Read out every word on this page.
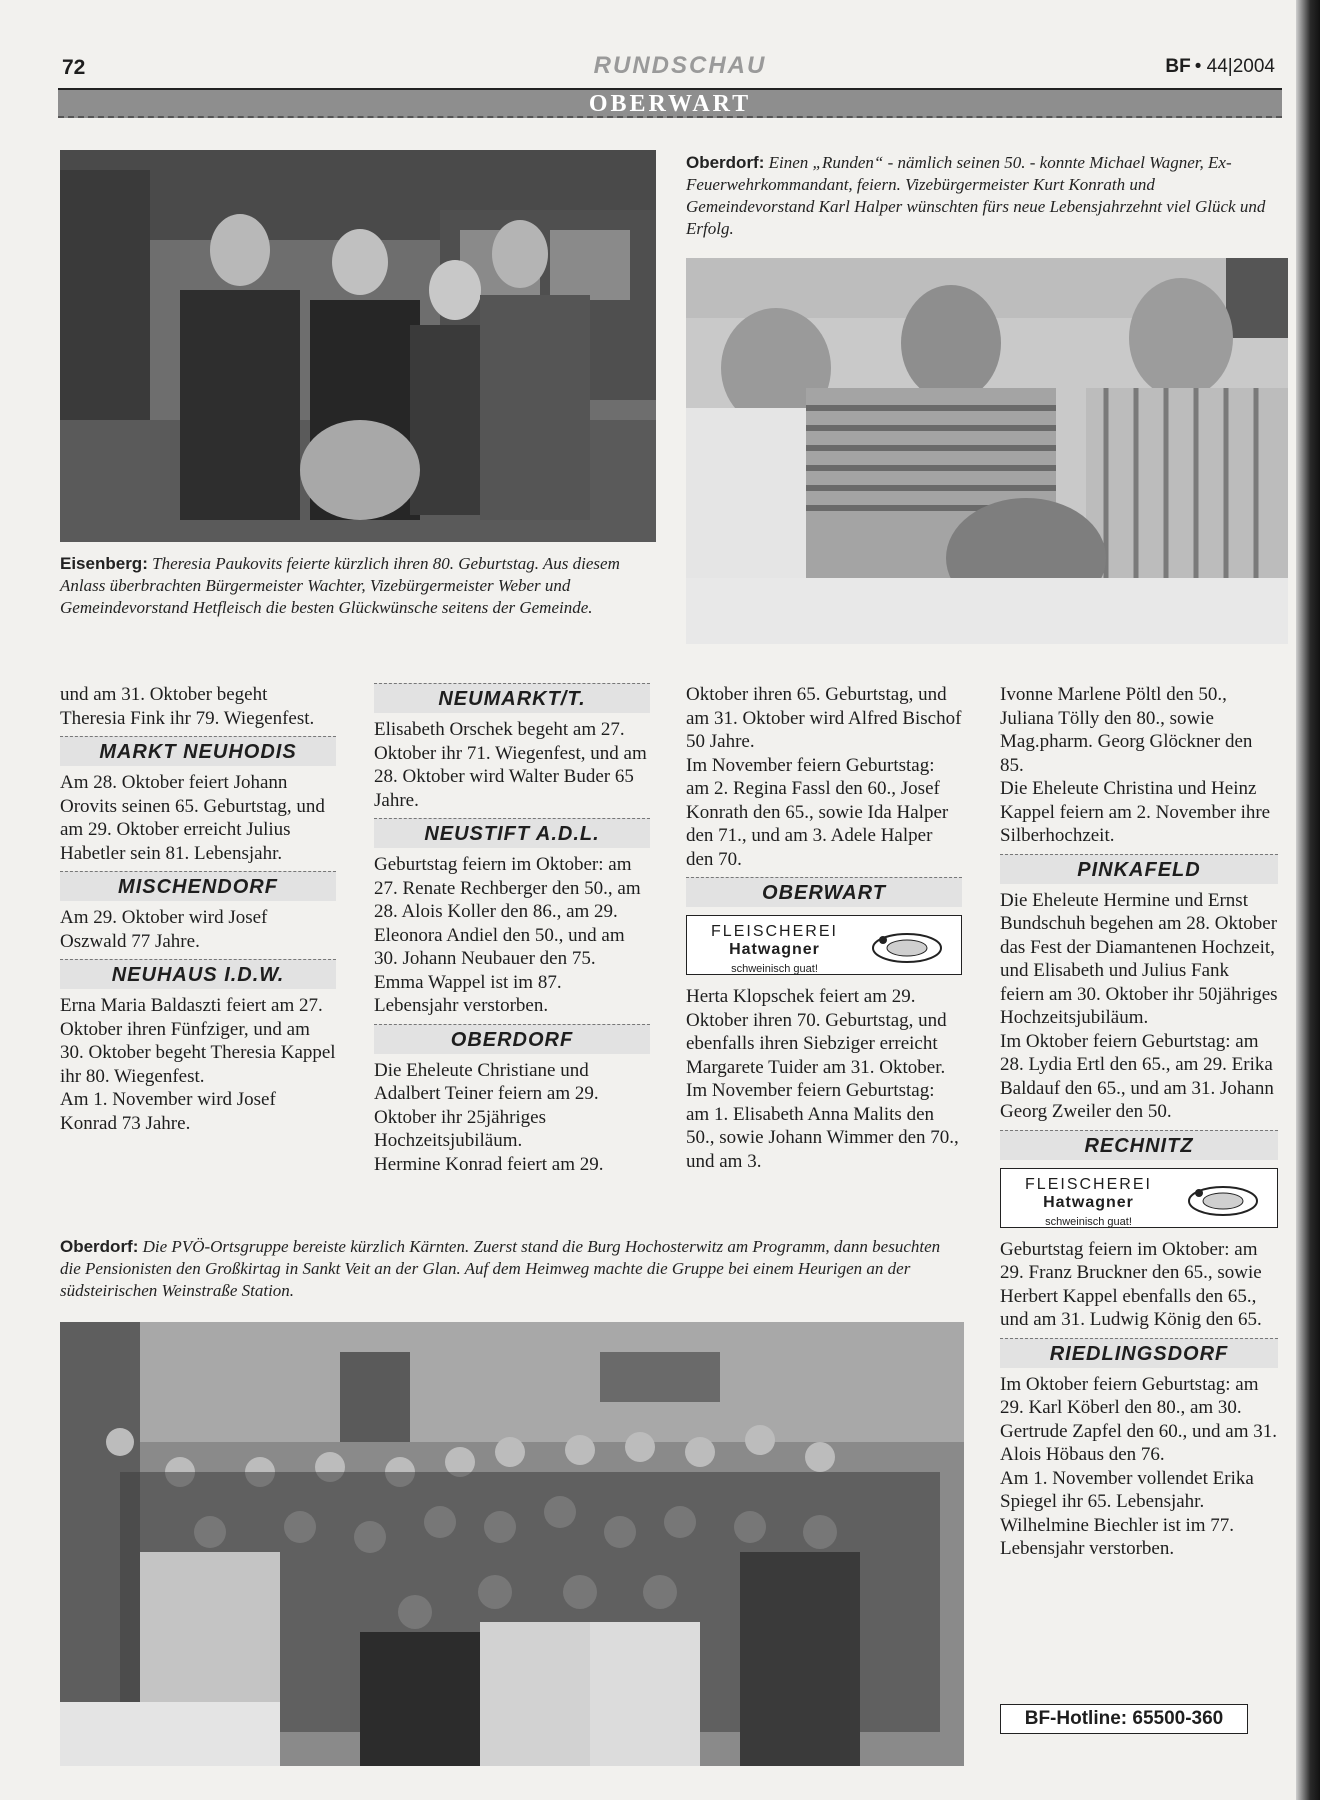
72	RUNDSCHAU	BF • 44|2004
OBERWART
Eisenberg: Theresia Paukovits feierte kürzlich ihren 80. Geburtstag. Aus diesem Anlass überbrachten Bürgermeister Wachter, Vizebürgermeister Weber und Gemeindevorstand Hetfleisch die besten Glückwünsche seitens der Gemeinde.
Oberdorf: Einen „Runden“ - nämlich seinen 50. - konnte Michael Wagner, Ex-Feuerwehrkommandant, feiern. Vizebürgermeister Kurt Konrath und Gemeindevorstand Karl Halper wünschten fürs neue Lebensjahrzehnt viel Glück und Erfolg.

und am 31. Oktober begeht Theresia Fink ihr 79. Wiegenfest.

MARKT NEUHODIS

Am 28. Oktober feiert Johann Orovits seinen 65. Geburtstag, und am 29. Oktober erreicht Julius Habetler sein 81. Lebensjahr.

MISCHENDORF

Am 29. Oktober wird Josef Oszwald 77 Jahre.

NEUHAUS I.D.W.

Erna Maria Baldaszti feiert am 27. Oktober ihren Fünfziger, und am 30. Oktober begeht Theresia Kappel ihr 80. Wiegenfest.

Am 1. November wird Josef Konrad 73 Jahre.

NEUMARKT/T.

Elisabeth Orschek begeht am 27. Oktober ihr 71. Wiegenfest, und am 28. Oktober wird Walter Buder 65 Jahre.

NEUSTIFT A.D.L.

Geburtstag feiern im Oktober: am 27. Renate Rechberger den 50., am 28. Alois Koller den 86., am 29. Eleonora Andiel den 50., und am 30. Johann Neubauer den 75.

Emma Wappel ist im 87. Lebensjahr verstorben.

OBERDORF

Die Eheleute Christiane und Adalbert Teiner feiern am 29. Oktober ihr 25jähriges Hochzeitsjubiläum.

Hermine Konrad feiert am 29.

Oktober ihren 65. Geburtstag, und am 31. Oktober wird Alfred Bischof 50 Jahre.

Im November feiern Geburtstag: am 2. Regina Fassl den 60., Josef Konrath den 65., sowie Ida Halper den 71., und am 3. Adele Halper den 70.

OBERWART
FLEISCHEREI
Hatwagner
schweinisch guat!

Herta Klopschek feiert am 29. Oktober ihren 70. Geburtstag, und ebenfalls ihren Siebziger erreicht Margarete Tuider am 31. Oktober.

Im November feiern Geburtstag: am 1. Elisabeth Anna Malits den 50., sowie Johann Wimmer den 70., und am 3.

Ivonne Marlene Pöltl den 50., Juliana Tölly den 80., sowie Mag.pharm. Georg Glöckner den 85.

Die Eheleute Christina und Heinz Kappel feiern am 2. November ihre Silberhochzeit.

PINKAFELD

Die Eheleute Hermine und Ernst Bundschuh begehen am 28. Oktober das Fest der Diamantenen Hochzeit, und Elisabeth und Julius Fank feiern am 30. Oktober ihr 50jähriges Hochzeitsjubiläum.

Im Oktober feiern Geburtstag: am 28. Lydia Ertl den 65., am 29. Erika Baldauf den 65., und am 31. Johann Georg Zweiler den 50.

RECHNITZ
FLEISCHEREI
Hatwagner
schweinisch guat!

Geburtstag feiern im Oktober: am 29. Franz Bruckner den 65., sowie Herbert Kappel ebenfalls den 65., und am 31. Ludwig König den 65.

RIEDLINGSDORF

Im Oktober feiern Geburtstag: am 29. Karl Köberl den 80., am 30. Gertrude Zapfel den 60., und am 31. Alois Höbaus den 76.

Am 1. November vollendet Erika Spiegel ihr 65. Lebensjahr.

Wilhelmine Biechler ist im 77. Lebensjahr verstorben.

Oberdorf: Die PVÖ-Ortsgruppe bereiste kürzlich Kärnten. Zuerst stand die Burg Hochosterwitz am Programm, dann besuchten die Pensionisten den Großkirtag in Sankt Veit an der Glan. Auf dem Heimweg machte die Gruppe bei einem Heurigen an der südsteirischen Weinstraße Station.
BF-Hotline: 65500-360
